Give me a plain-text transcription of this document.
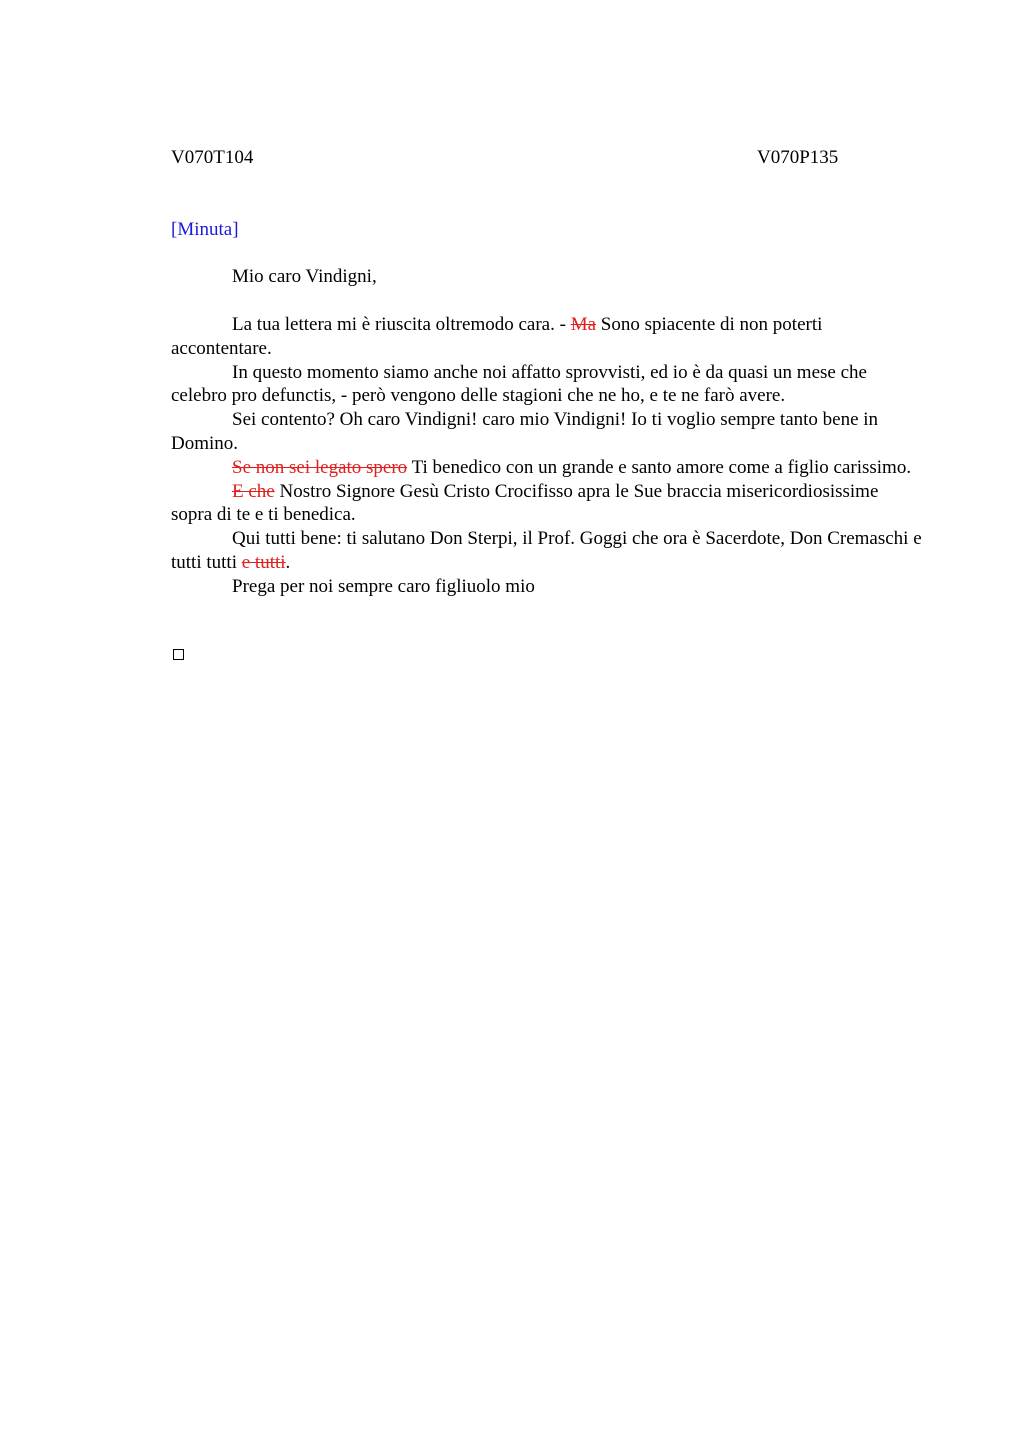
V070T104	V070P135
[Minuta]
Mio caro Vindigni,

La tua lettera mi è riuscita oltremodo cara. - Ma Sono spiacente di non poterti accontentare.

In questo momento siamo anche noi affatto sprovvisti, ed io è da quasi un mese che celebro pro defunctis, - però vengono delle stagioni che ne ho, e te ne farò avere.

Sei contento? Oh caro Vindigni! caro mio Vindigni! Io ti voglio sempre tanto bene in Domino.

Se non sei legato spero Ti benedico con un grande e santo amore come a figlio carissimo.

E che Nostro Signore Gesù Cristo Crocifisso apra le Sue braccia misericordiosissime sopra di te e ti benedica.

Qui tutti bene: ti salutano Don Sterpi, il Prof. Goggi che ora è Sacerdote, Don Cremaschi e tutti tutti e tutti.

Prega per noi sempre caro figliuolo mio
